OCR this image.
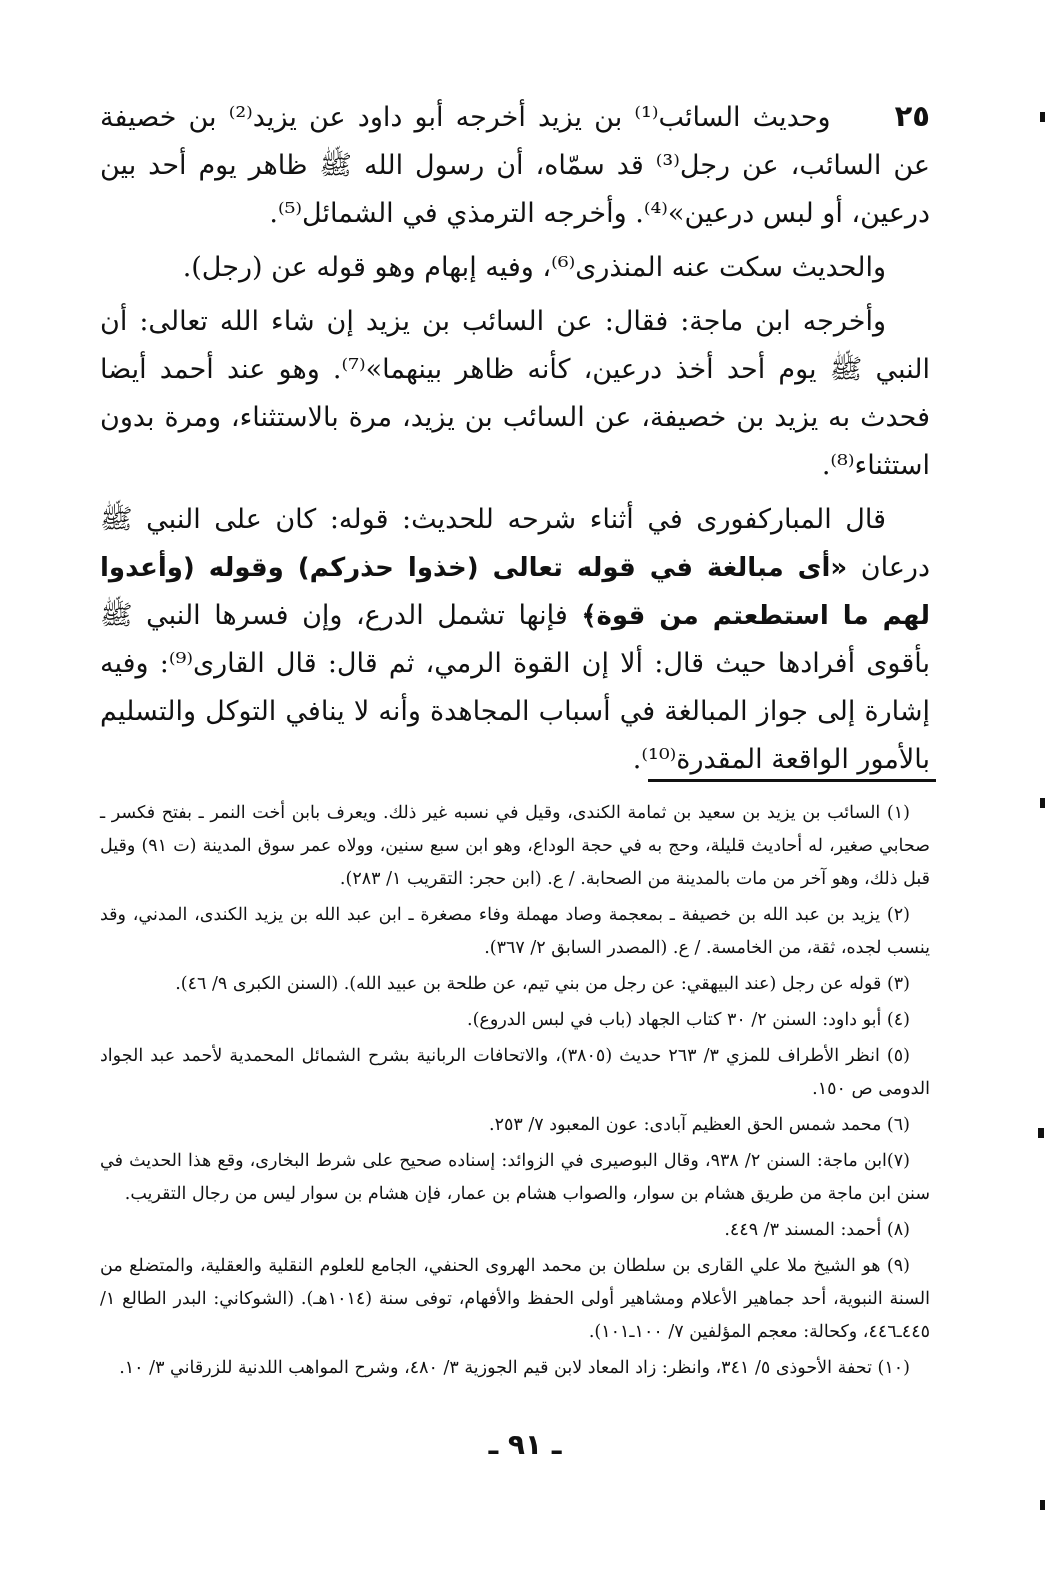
٢٥وحديث السائب⁽¹⁾ بن يزيد أخرجه أبو داود عن يزيد⁽²⁾ بن خصيفة عن السائب، عن رجل⁽³⁾ قد سمّاه، أن رسول الله ﷺ ظاهر يوم أحد بين درعين، أو لبس درعين»⁽⁴⁾. وأخرجه الترمذي في الشمائل⁽⁵⁾.

والحديث سكت عنه المنذرى⁽⁶⁾، وفيه إبهام وهو قوله عن (رجل).

وأخرجه ابن ماجة: فقال: عن السائب بن يزيد إن شاء الله تعالى: أن النبي ﷺ يوم أحد أخذ درعين، كأنه ظاهر بينهما»⁽⁷⁾. وهو عند أحمد أيضا فحدث به يزيد بن خصيفة، عن السائب بن يزيد، مرة بالاستثناء، ومرة بدون استثناء⁽⁸⁾.

قال المباركفورى في أثناء شرحه للحديث: قوله: كان على النبي ﷺ درعان «أى مبالغة في قوله تعالى (خذوا حذركم) وقوله (وأعدوا لهم ما استطعتم من قوة﴾ فإنها تشمل الدرع، وإن فسرها النبي ﷺ بأقوى أفرادها حيث قال: ألا إن القوة الرمي، ثم قال: قال القارى⁽⁹⁾: وفيه إشارة إلى جواز المبالغة في أسباب المجاهدة وأنه لا ينافي التوكل والتسليم بالأمور الواقعة المقدرة⁽¹⁰⁾.

(١) السائب بن يزيد بن سعيد بن ثمامة الكندى، وقيل في نسبه غير ذلك. ويعرف بابن أخت النمر ـ بفتح فكسر ـ صحابي صغير، له أحاديث قليلة، وحج به في حجة الوداع، وهو ابن سبع سنين، وولاه عمر سوق المدينة (ت ٩١) وقيل قبل ذلك، وهو آخر من مات بالمدينة من الصحابة. / ع. (ابن حجر: التقريب ١/ ٢٨٣).

(٢) يزيد بن عبد الله بن خصيفة ـ بمعجمة وصاد مهملة وفاء مصغرة ـ ابن عبد الله بن يزيد الكندى، المدني، وقد ينسب لجده، ثقة، من الخامسة. / ع. (المصدر السابق ٢/ ٣٦٧).

(٣) قوله عن رجل (عند البيهقي: عن رجل من بني تيم، عن طلحة بن عبيد الله). (السنن الكبرى ٩/ ٤٦).

(٤) أبو داود: السنن ٢/ ٣٠ كتاب الجهاد (باب في لبس الدروع).

(٥) انظر الأطراف للمزي ٣/ ٢٦٣ حديث (٣٨٠٥)، والاتحافات الربانية بشرح الشمائل المحمدية لأحمد عبد الجواد الدومى ص ١٥٠.

(٦) محمد شمس الحق العظيم آبادى: عون المعبود ٧/ ٢٥٣.

(٧)ابن ماجة: السنن ٢/ ٩٣٨، وقال البوصيرى في الزوائد: إسناده صحيح على شرط البخارى، وقع هذا الحديث في سنن ابن ماجة من طريق هشام بن سوار، والصواب هشام بن عمار، فإن هشام بن سوار ليس من رجال التقريب.

(٨) أحمد: المسند ٣/ ٤٤٩.

(٩) هو الشيخ ملا علي القارى بن سلطان بن محمد الهروى الحنفي، الجامع للعلوم النقلية والعقلية، والمتضلع من السنة النبوية، أحد جماهير الأعلام ومشاهير أولى الحفظ والأفهام، توفى سنة (١٠١٤هـ). (الشوكاني: البدر الطالع ١/ ٤٤٥ـ٤٤٦، وكحالة: معجم المؤلفين ٧/ ١٠٠ـ١٠١).

(١٠) تحفة الأحوذى ٥/ ٣٤١، وانظر: زاد المعاد لابن قيم الجوزية ٣/ ٤٨٠، وشرح المواهب اللدنية للزرقاني ٣/ ١٠.

ـ ٩١ ـ
